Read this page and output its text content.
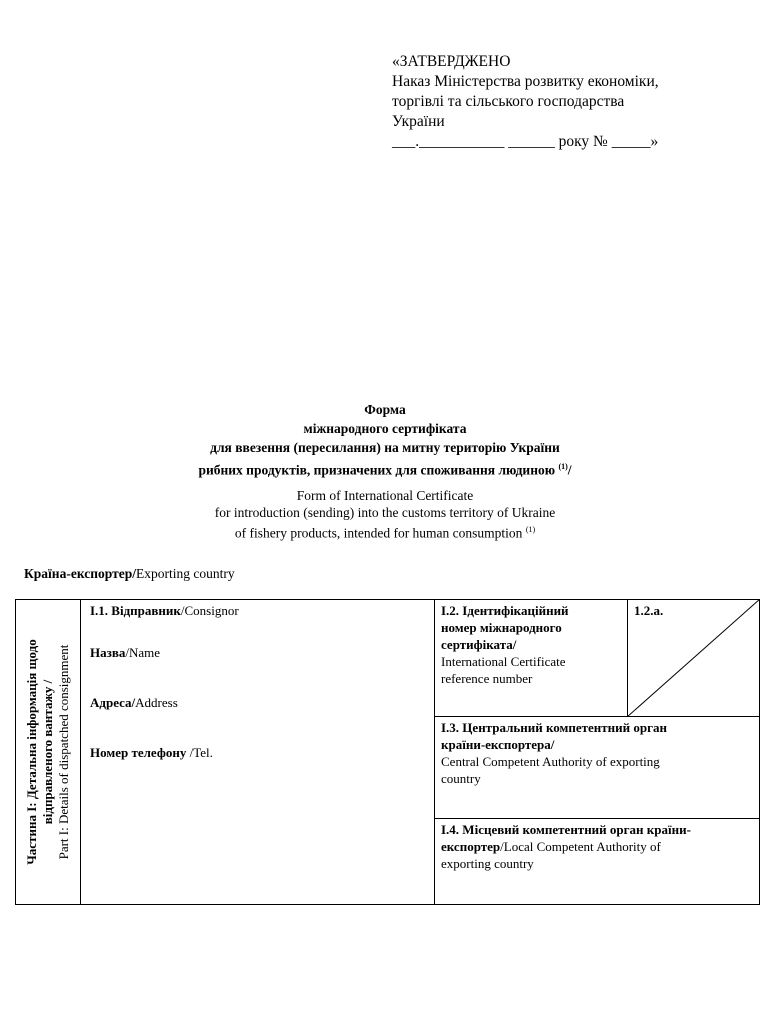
«ЗАТВЕРДЖЕНО
Наказ Міністерства розвитку економіки,
торгівлі та сільського господарства
України
___.___________ ______ року № _____»
Форма
міжнародного сертифіката
для ввезення (пересилання) на митну територію України
рибних продуктів, призначених для споживання людиною $^{(1)}$/
Form of International Certificate
for introduction (sending) into the customs territory of Ukraine
of fishery products, intended for human consumption $^{(1)}$
Країна-експортер/Exporting country
Частина I: Детальна інформація щодо відправленого вантажу / Part I: Details of dispatched consignment
I.1. Відправник/Consignor
Назва/Name
Адреса/Address
Номер телефону /Tel.
I.2. Ідентифікаційний
номер міжнародного
сертифіката/
International Certificate
reference number
1.2.a.
I.3. Центральний компетентний орган
країни-експортера/
Central Competent Authority of exporting
country
I.4. Місцевий компетентний орган країни-
експортер/Local Competent Authority of
exporting country
